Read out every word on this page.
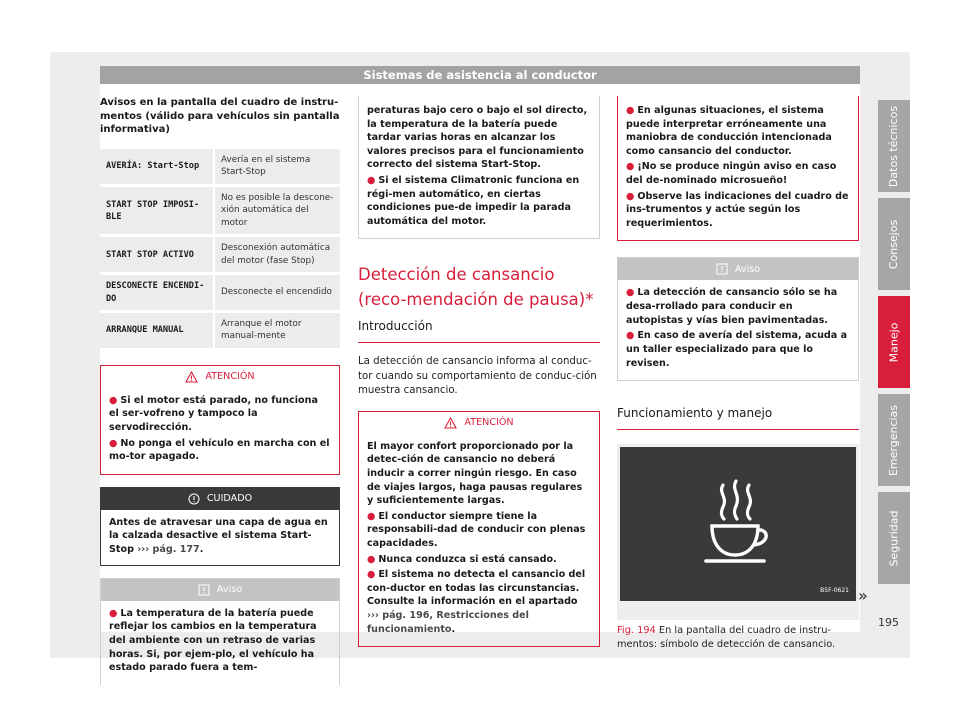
Sistemas de asistencia al conductor
Datos técnicos
Consejos
Manejo
Emergencias
Seguridad
Avisos en la pantalla del cuadro de instru-mentos (válido para vehículos sin pantalla informativa)
AVERÍA: Start-Stop	Avería en el sistema Start-Stop
START STOP IMPOSI-BLE	No es posible la descone-xión automática del motor
START STOP ACTIVO	Desconexión automática del motor (fase Stop)
DESCONECTE ENCENDI-DO	Desconecte el encendido
ARRANQUE MANUAL	Arranque el motor manual-mente
ATENCIÓN
● Si el motor está parado, no funciona el ser-vofreno y tampoco la servodirección.
● No ponga el vehículo en marcha con el mo-tor apagado.
CUIDADO
Antes de atravesar una capa de agua en la calzada desactive el sistema Start-Stop ››› pág. 177.
Aviso
● La temperatura de la batería puede reflejar los cambios en la temperatura del ambiente con un retraso de varias horas. Si, por ejem-plo, el vehículo ha estado parado fuera a tem-
peraturas bajo cero o bajo el sol directo, la temperatura de la batería puede tardar varias horas en alcanzar los valores precisos para el funcionamiento correcto del sistema Start-Stop.
● Si el sistema Climatronic funciona en régi-men automático, en ciertas condiciones pue-de impedir la parada automática del motor.
Detección de cansancio (reco-mendación de pausa)*
Introducción
La detección de cansancio informa al conduc-tor cuando su comportamiento de conduc-ción muestra cansancio.
ATENCIÓN
El mayor confort proporcionado por la detec-ción de cansancio no deberá inducir a correr ningún riesgo. En caso de viajes largos, haga pausas regulares y suficientemente largas.
● El conductor siempre tiene la responsabili-dad de conducir con plenas capacidades.
● Nunca conduzca si está cansado.
● El sistema no detecta el cansancio del con-ductor en todas las circunstancias. Consulte la información en el apartado ››› pág. 196, Restricciones del funcionamiento.
● En algunas situaciones, el sistema puede interpretar erróneamente una maniobra de conducción intencionada como cansancio del conductor.
● ¡No se produce ningún aviso en caso del de-nominado microsueño!
● Observe las indicaciones del cuadro de ins-trumentos y actúe según los requerimientos.
Aviso
● La detección de cansancio sólo se ha desa-rrollado para conducir en autopistas y vías bien pavimentadas.
● En caso de avería del sistema, acuda a un taller especializado para que lo revisen.
Funcionamiento y manejo
B5F-0621
Fig. 194 En la pantalla del cuadro de instru-mentos: símbolo de detección de cansancio.
»
195
